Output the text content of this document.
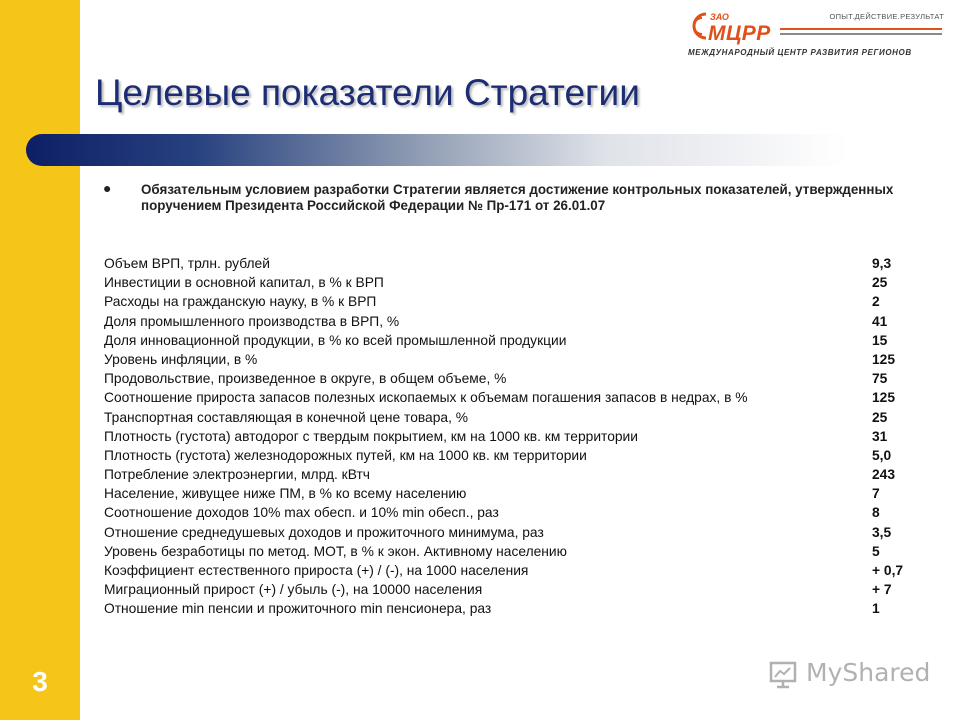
3
ЗАО
МЦРР
ОПЫТ.ДЕЙСТВИЕ.РЕЗУЛЬТАТ
МЕЖДУНАРОДНЫЙ ЦЕНТР РАЗВИТИЯ РЕГИОНОВ
Целевые показатели Стратегии
● Обязательным условием разработки Стратегии является достижение контрольных показателей, утвержденных поручением Президента Российской Федерации № Пр-171 от 26.01.07
Объем ВРП, трлн. рублей	9,3
Инвестиции в основной капитал, в % к ВРП	25
Расходы на гражданскую науку, в % к ВРП	2
Доля промышленного производства в ВРП, %	41
Доля инновационной продукции, в % ко всей промышленной продукции	15
Уровень инфляции, в %	125
Продовольствие, произведенное в округе, в общем объеме, %	75
Соотношение прироста запасов полезных ископаемых к объемам погашения запасов в недрах, в %	125
Транспортная составляющая в конечной цене товара, %	25
Плотность (густота) автодорог с твердым покрытием, км на 1000 кв. км территории	31
Плотность (густота) железнодорожных путей, км на 1000 кв. км территории	5,0
Потребление электроэнергии, млрд. кВтч	243
Население, живущее ниже ПМ, в % ко всему населению	7
Соотношение доходов 10% max обесп. и 10% min обесп., раз	8
Отношение среднедушевых доходов и прожиточного минимума, раз	3,5
Уровень безработицы по метод. МОТ, в % к экон. Активному населению	5
Коэффициент естественного прироста (+) / (-), на 1000 населения	+ 0,7
Миграционный прирост (+) / убыль (-), на 10000 населения	+ 7
Отношение min пенсии и прожиточного min пенсионера, раз	1
MyShared
